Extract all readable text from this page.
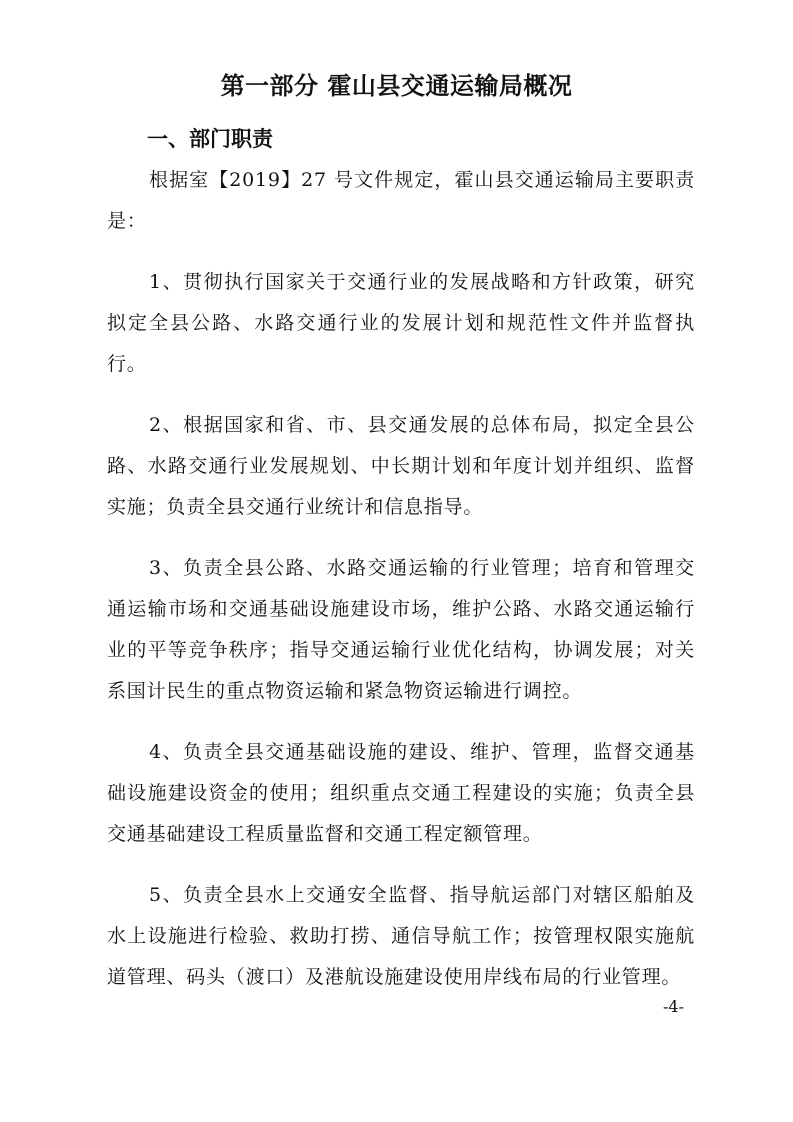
第一部分 霍山县交通运输局概况
一、部门职责

根据室【2019】27 号文件规定，霍山县交通运输局主要职责是：

1、贯彻执行国家关于交通行业的发展战略和方针政策，研究拟定全县公路、水路交通行业的发展计划和规范性文件并监督执行。

2、根据国家和省、市、县交通发展的总体布局，拟定全县公路、水路交通行业发展规划、中长期计划和年度计划并组织、监督实施；负责全县交通行业统计和信息指导。

3、负责全县公路、水路交通运输的行业管理；培育和管理交通运输市场和交通基础设施建设市场，维护公路、水路交通运输行业的平等竞争秩序；指导交通运输行业优化结构，协调发展；对关系国计民生的重点物资运输和紧急物资运输进行调控。

4、负责全县交通基础设施的建设、维护、管理，监督交通基础设施建设资金的使用；组织重点交通工程建设的实施；负责全县交通基础建设工程质量监督和交通工程定额管理。

5、负责全县水上交通安全监督、指导航运部门对辖区船舶及水上设施进行检验、救助打捞、通信导航工作；按管理权限实施航道管理、码头（渡口）及港航设施建设使用岸线布局的行业管理。

-4-
